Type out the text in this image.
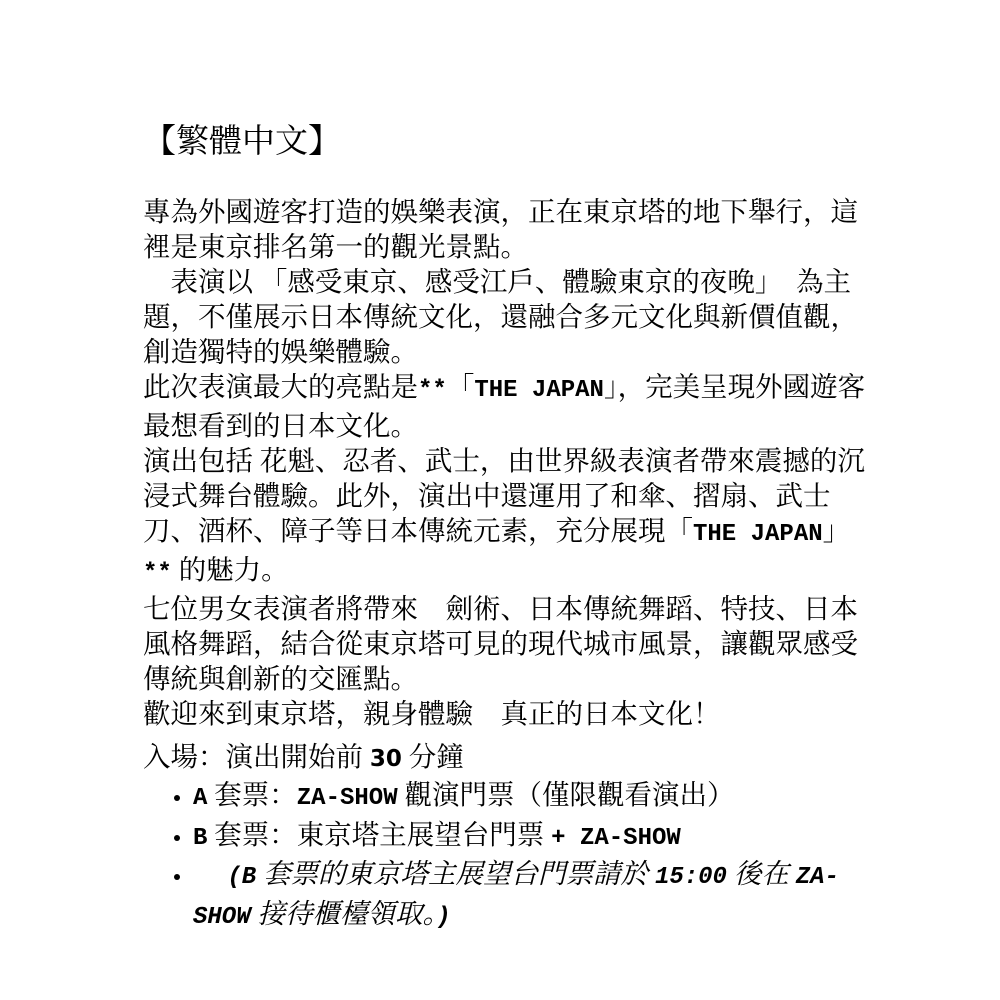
【繁體中文】

專為外國遊客打造的娛樂表演，正在東京塔的地下舉行，這裡是東京排名第一的觀光景點。

　表演以 「感受東京、感受江戶、體驗東京的夜晚」　為主題，不僅展示日本傳統文化，還融合多元文化與新價值觀，創造獨特的娛樂體驗。

此次表演最大的亮點是**「THE JAPAN」，完美呈現外國遊客最想看到的日本文化。

演出包括 花魁、忍者、武士，由世界級表演者帶來震撼的沉浸式舞台體驗。此外，演出中還運用了和傘、摺扇、武士刀、酒杯、障子等日本傳統元素，充分展現「THE JAPAN」** 的魅力。

七位男女表演者將帶來　劍術、日本傳統舞蹈、特技、日本風格舞蹈，結合從東京塔可見的現代城市風景，讓觀眾感受傳統與創新的交匯點。

歡迎來到東京塔，親身體驗　真正的日本文化！

入場：演出開始前 30 分鐘

• A 套票：ZA-SHOW 觀演門票（僅限觀看演出）
• B 套票：東京塔主展望台門票 + ZA-SHOW
　 • (B 套票的東京塔主展望台門票請於 15:00 後在 ZA-SHOW 接待櫃檯領取。)
